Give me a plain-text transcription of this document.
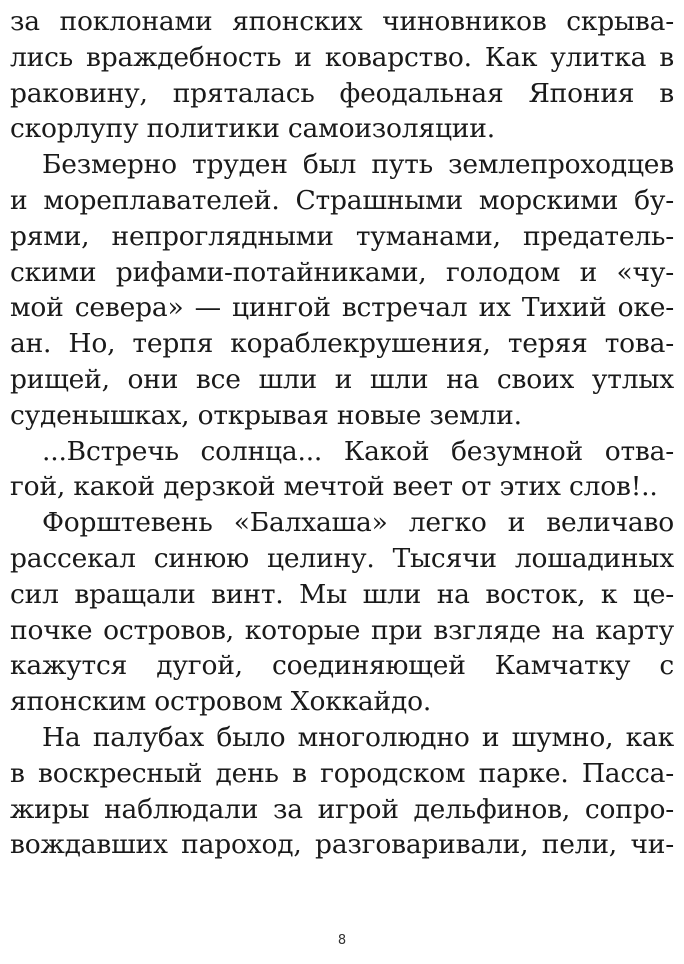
за поклонами японских чиновников скрыва-
лись враждебность и коварство. Как улитка в
раковину, пряталась феодальная Япония в
скорлупу политики самоизоляции.
Безмерно труден был путь землепроходцев
и мореплавателей. Страшными морскими бу-
рями, непроглядными туманами, предатель-
скими рифами-потайниками, голодом и «чу-
мой севера» — цингой встречал их Тихий оке-
ан. Но, терпя кораблекрушения, теряя това-
рищей, они все шли и шли на своих утлых
суденышках, открывая новые земли.
...Встречь солнца... Какой безумной отва-
гой, какой дерзкой мечтой веет от этих слов!..
Форштевень «Балхаша» легко и величаво
рассекал синюю целину. Тысячи лошадиных
сил вращали винт. Мы шли на восток, к це-
почке островов, которые при взгляде на карту
кажутся дугой, соединяющей Камчатку с
японским островом Хоккайдо.
На палубах было многолюдно и шумно, как
в воскресный день в городском парке. Пасса-
жиры наблюдали за игрой дельфинов, сопро-
вождавших пароход, разговаривали, пели, чи-
8
